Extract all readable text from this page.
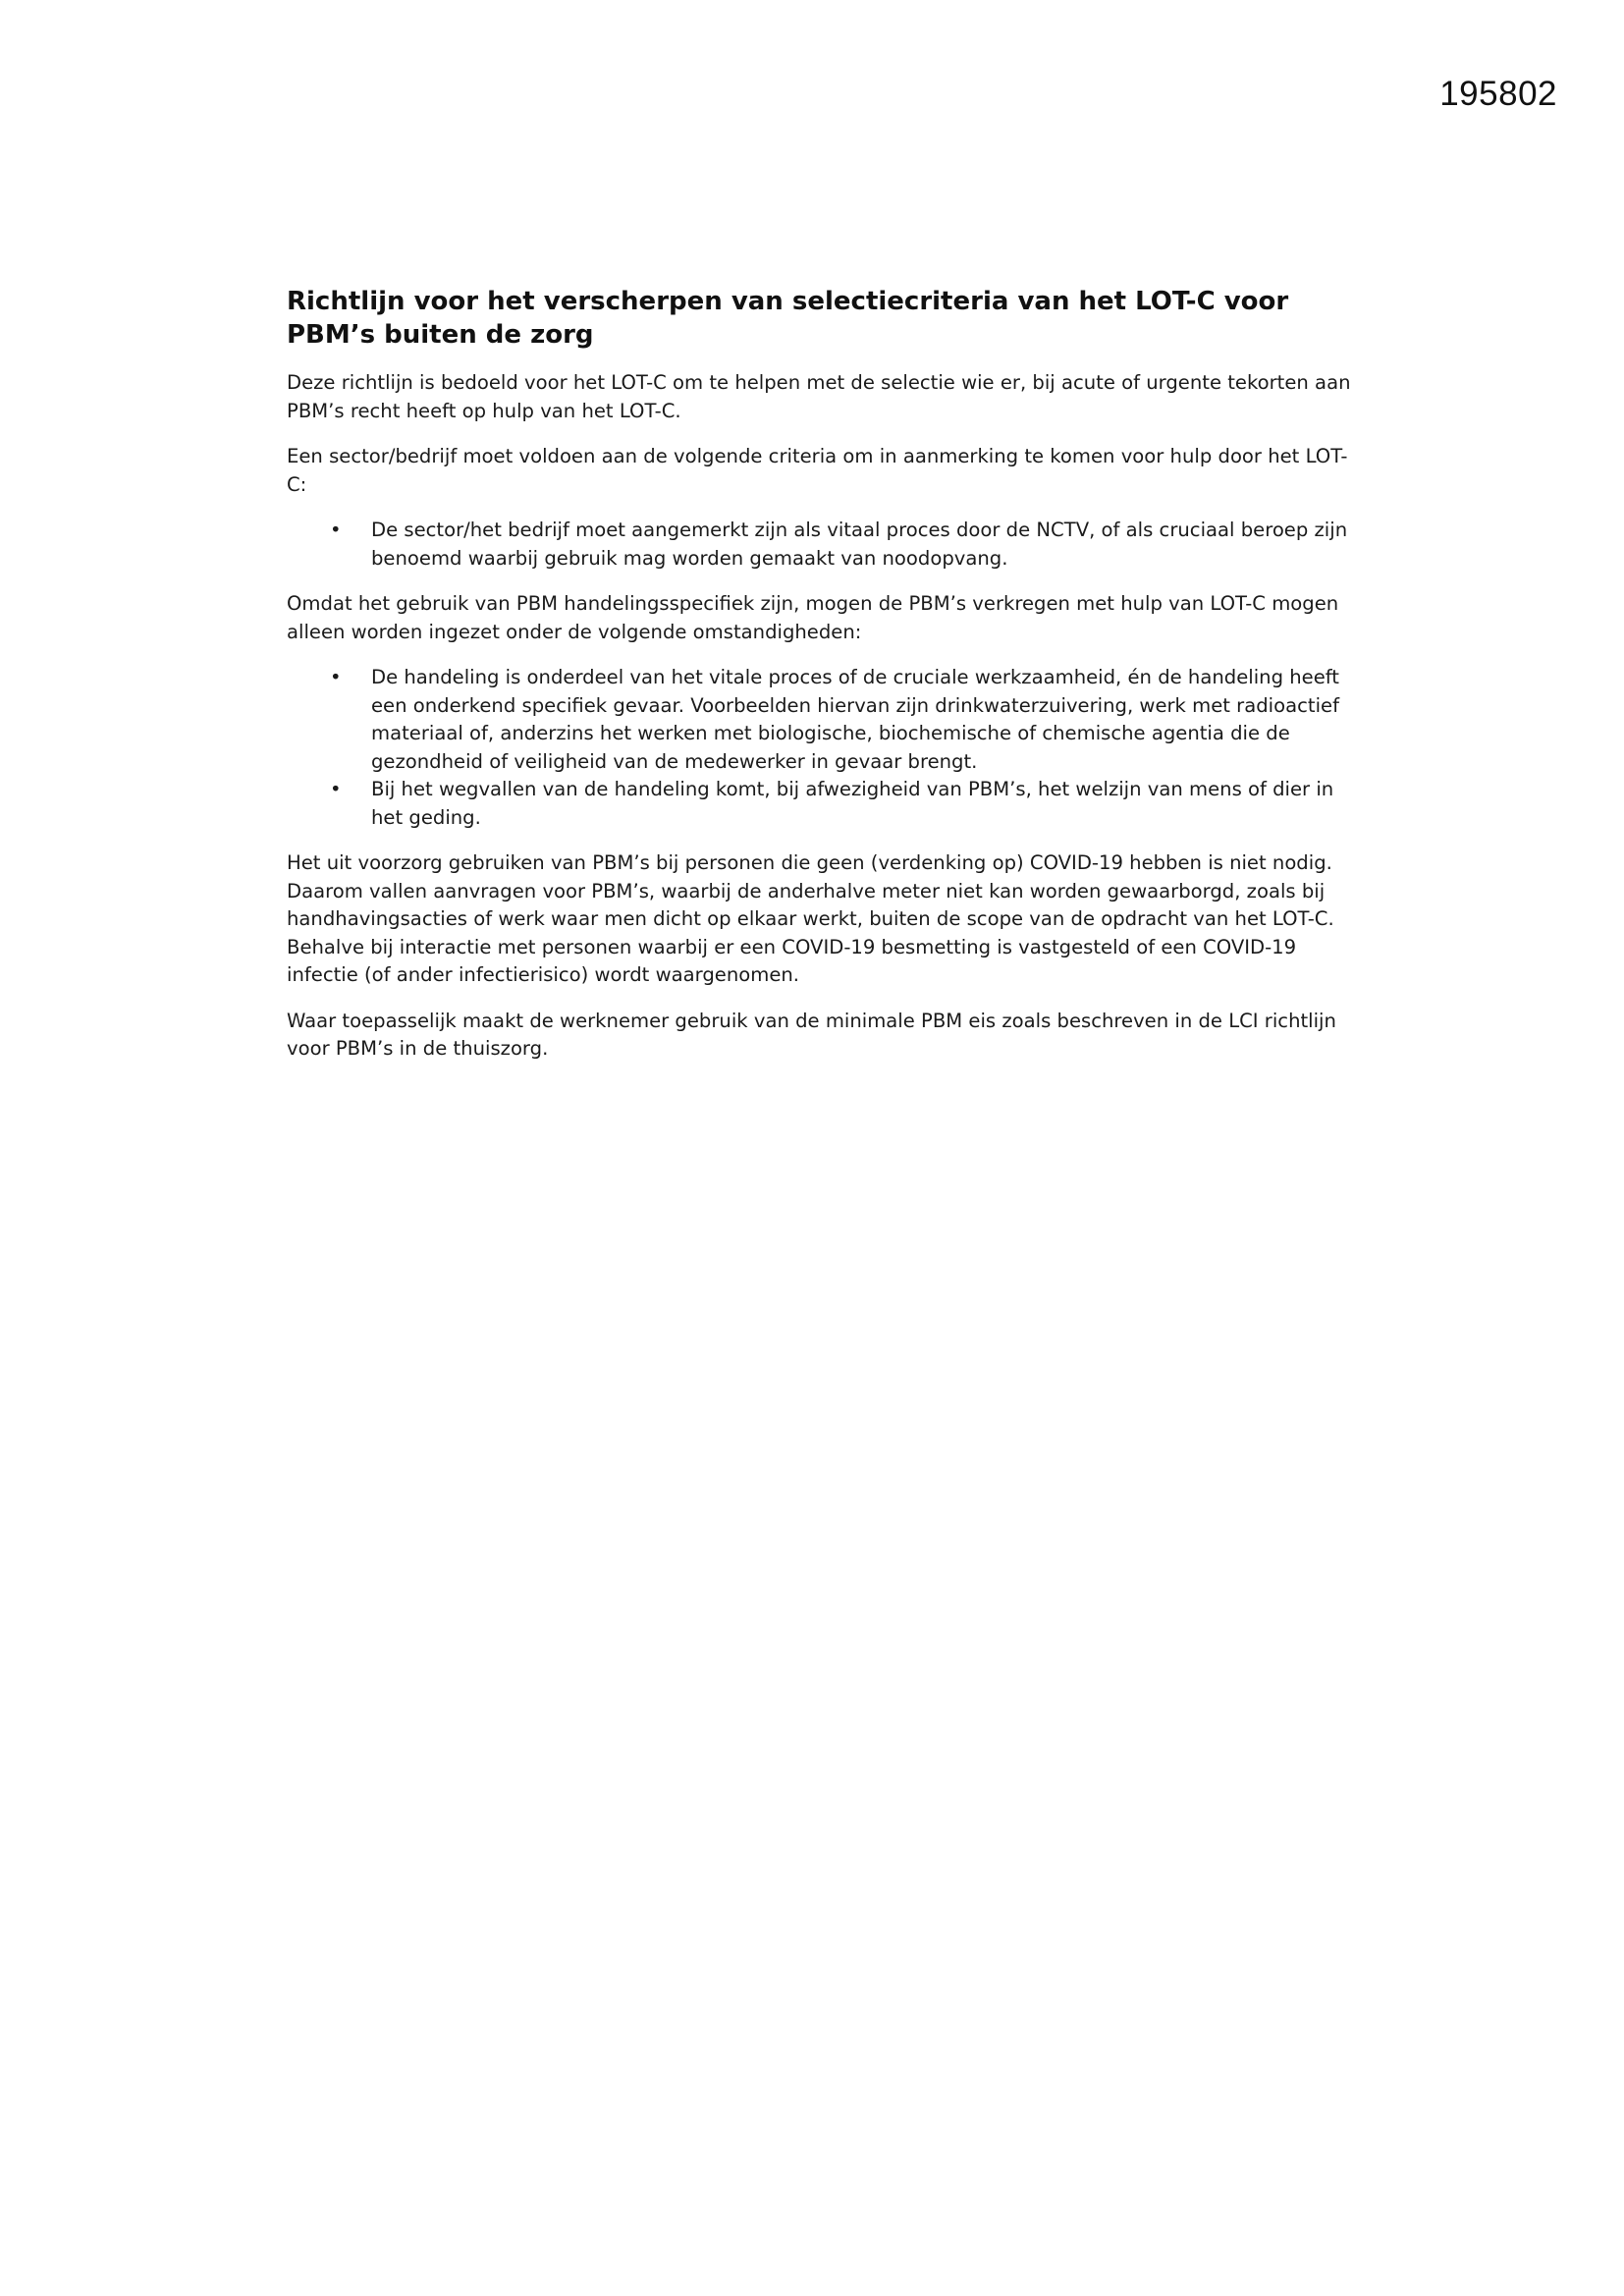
195802
Richtlijn voor het verscherpen van selectiecriteria van het LOT-C voor PBM’s buiten de zorg

Deze richtlijn is bedoeld voor het LOT-C om te helpen met de selectie wie er, bij acute of urgente tekorten aan PBM’s recht heeft op hulp van het LOT-C.

Een sector/bedrijf moet voldoen aan de volgende criteria om in aanmerking te komen voor hulp door het LOT-C:

• De sector/het bedrijf moet aangemerkt zijn als vitaal proces door de NCTV, of als cruciaal beroep zijn benoemd waarbij gebruik mag worden gemaakt van noodopvang.

Omdat het gebruik van PBM handelingsspecifiek zijn, mogen de PBM’s verkregen met hulp van LOT-C mogen alleen worden ingezet onder de volgende omstandigheden:

• De handeling is onderdeel van het vitale proces of de cruciale werkzaamheid, én de handeling heeft een onderkend specifiek gevaar. Voorbeelden hiervan zijn drinkwaterzuivering, werk met radioactief materiaal of, anderzins het werken met biologische, biochemische of chemische agentia die de gezondheid of veiligheid van de medewerker in gevaar brengt.
• Bij het wegvallen van de handeling komt, bij afwezigheid van PBM’s, het welzijn van mens of dier in het geding.

Het uit voorzorg gebruiken van PBM’s bij personen die geen (verdenking op) COVID-19 hebben is niet nodig. Daarom vallen aanvragen voor PBM’s, waarbij de anderhalve meter niet kan worden gewaarborgd, zoals bij handhavingsacties of werk waar men dicht op elkaar werkt, buiten de scope van de opdracht van het LOT-C. Behalve bij interactie met personen waarbij er een COVID-19 besmetting is vastgesteld of een COVID-19 infectie (of ander infectierisico) wordt waargenomen.

Waar toepasselijk maakt de werknemer gebruik van de minimale PBM eis zoals beschreven in de LCI richtlijn voor PBM’s in de thuiszorg.
